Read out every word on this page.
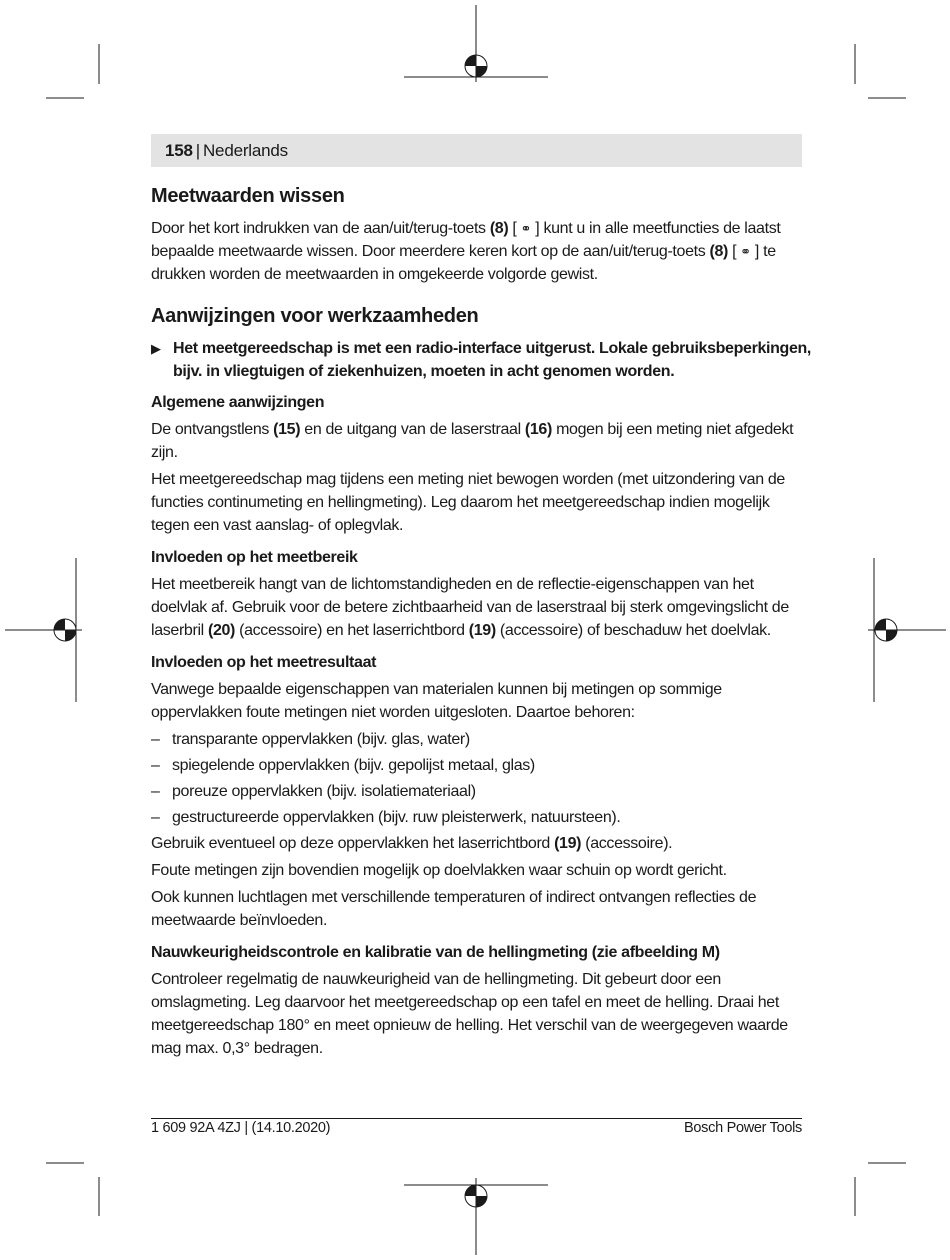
158 | Nederlands
Meetwaarden wissen

Door het kort indrukken van de aan/uit/terug-toets (8) [ ⚭ ] kunt u in alle meetfuncties de laatst bepaalde meetwaarde wissen. Door meerdere keren kort op de aan/uit/terug-toets (8) [ ⚭ ] te drukken worden de meetwaarden in omgekeerde volgorde gewist.

Aanwijzingen voor werkzaamheden
▶ Het meetgereedschap is met een radio-interface uitgerust. Lokale gebruiksbeperkingen, bijv. in vliegtuigen of ziekenhuizen, moeten in acht genomen worden.
Algemene aanwijzingen

De ontvangstlens (15) en de uitgang van de laserstraal (16) mogen bij een meting niet afgedekt zijn.

Het meetgereedschap mag tijdens een meting niet bewogen worden (met uitzondering van de functies continumeting en hellingmeting). Leg daarom het meetgereedschap indien mogelijk tegen een vast aanslag- of oplegvlak.

Invloeden op het meetbereik

Het meetbereik hangt van de lichtomstandigheden en de reflectie-eigenschappen van het doelvlak af. Gebruik voor de betere zichtbaarheid van de laserstraal bij sterk omgevingslicht de laserbril (20) (accessoire) en het laserrichtbord (19) (accessoire) of beschaduw het doelvlak.

Invloeden op het meetresultaat

Vanwege bepaalde eigenschappen van materialen kunnen bij metingen op sommige oppervlakken foute metingen niet worden uitgesloten. Daartoe behoren:

– transparante oppervlakken (bijv. glas, water)
– spiegelende oppervlakken (bijv. gepolijst metaal, glas)
– poreuze oppervlakken (bijv. isolatiemateriaal)
– gestructureerde oppervlakken (bijv. ruw pleisterwerk, natuursteen).

Gebruik eventueel op deze oppervlakken het laserrichtbord (19) (accessoire).

Foute metingen zijn bovendien mogelijk op doelvlakken waar schuin op wordt gericht.

Ook kunnen luchtlagen met verschillende temperaturen of indirect ontvangen reflecties de meetwaarde beïnvloeden.

Nauwkeurigheidscontrole en kalibratie van de hellingmeting (zie afbeelding M)

Controleer regelmatig de nauwkeurigheid van de hellingmeting. Dit gebeurt door een omslagmeting. Leg daarvoor het meetgereedschap op een tafel en meet de helling. Draai het meetgereedschap 180° en meet opnieuw de helling. Het verschil van de weergegeven waarde mag max. 0,3° bedragen.

1 609 92A 4ZJ | (14.10.2020)	Bosch Power Tools
